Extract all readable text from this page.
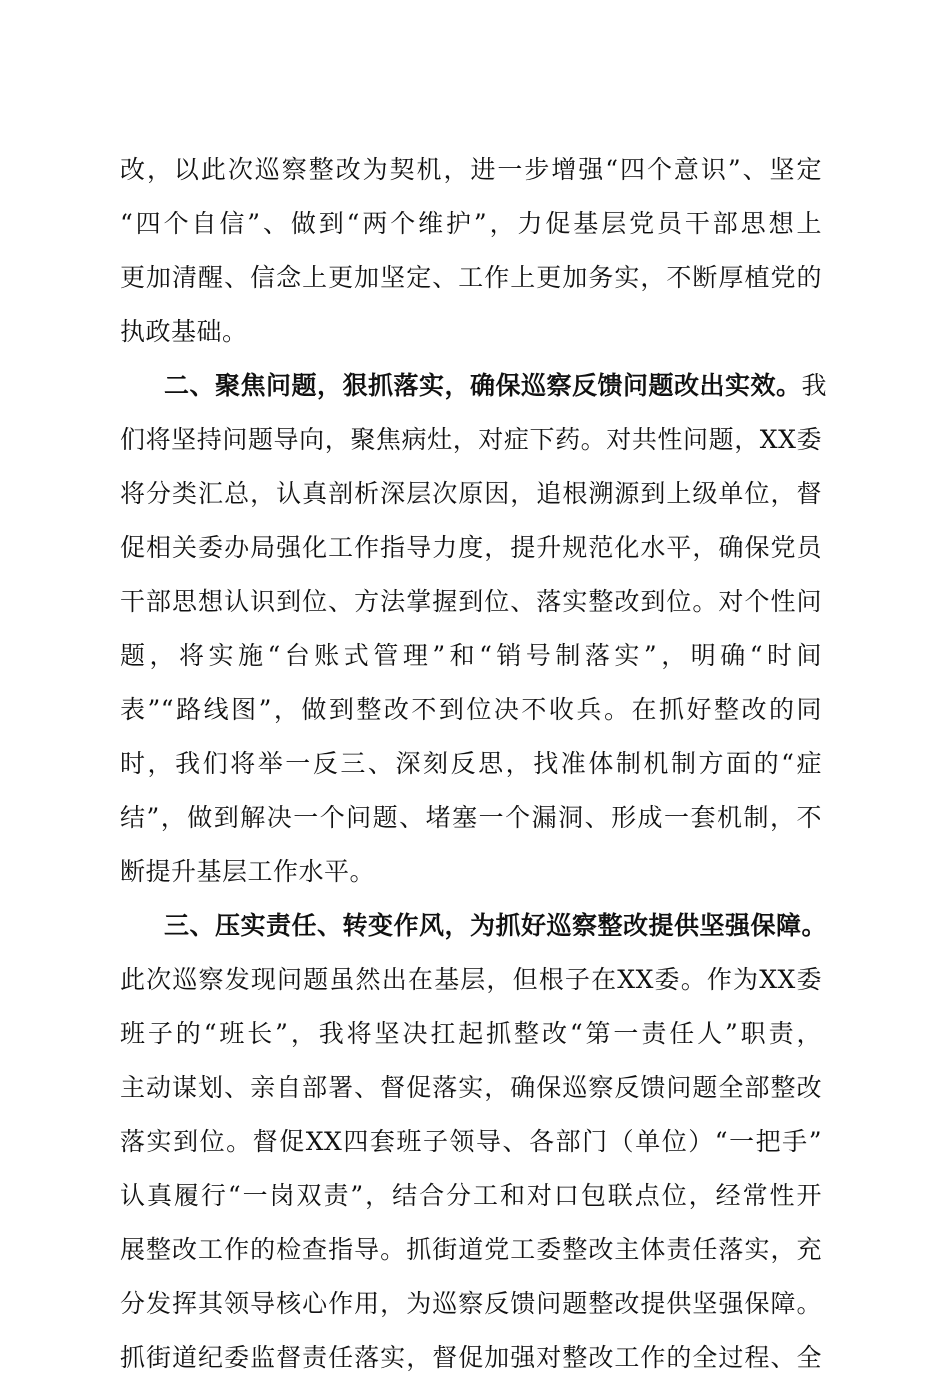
改，以此次巡察整改为契机，进一步增强“四个意识”、坚定
“四个自信”、做到“两个维护”，力促基层党员干部思想上
更加清醒、信念上更加坚定、工作上更加务实，不断厚植党的
执政基础。
二、聚焦问题，狠抓落实，确保巡察反馈问题改出实效。我
们将坚持问题导向，聚焦病灶，对症下药。对共性问题，XX委
将分类汇总，认真剖析深层次原因，追根溯源到上级单位，督
促相关委办局强化工作指导力度，提升规范化水平，确保党员
干部思想认识到位、方法掌握到位、落实整改到位。对个性问
题，将实施“台账式管理”和“销号制落实”，明确“时间
表”“路线图”，做到整改不到位决不收兵。在抓好整改的同
时，我们将举一反三、深刻反思，找准体制机制方面的“症
结”，做到解决一个问题、堵塞一个漏洞、形成一套机制，不
断提升基层工作水平。
三、压实责任、转变作风，为抓好巡察整改提供坚强保障。
此次巡察发现问题虽然出在基层，但根子在XX委。作为XX委
班子的“班长”，我将坚决扛起抓整改“第一责任人”职责，
主动谋划、亲自部署、督促落实，确保巡察反馈问题全部整改
落实到位。督促XX四套班子领导、各部门（单位）“一把手”
认真履行“一岗双责”，结合分工和对口包联点位，经常性开
展整改工作的检查指导。抓街道党工委整改主体责任落实，充
分发挥其领导核心作用，为巡察反馈问题整改提供坚强保障。
抓街道纪委监督责任落实，督促加强对整改工作的全过程、全
